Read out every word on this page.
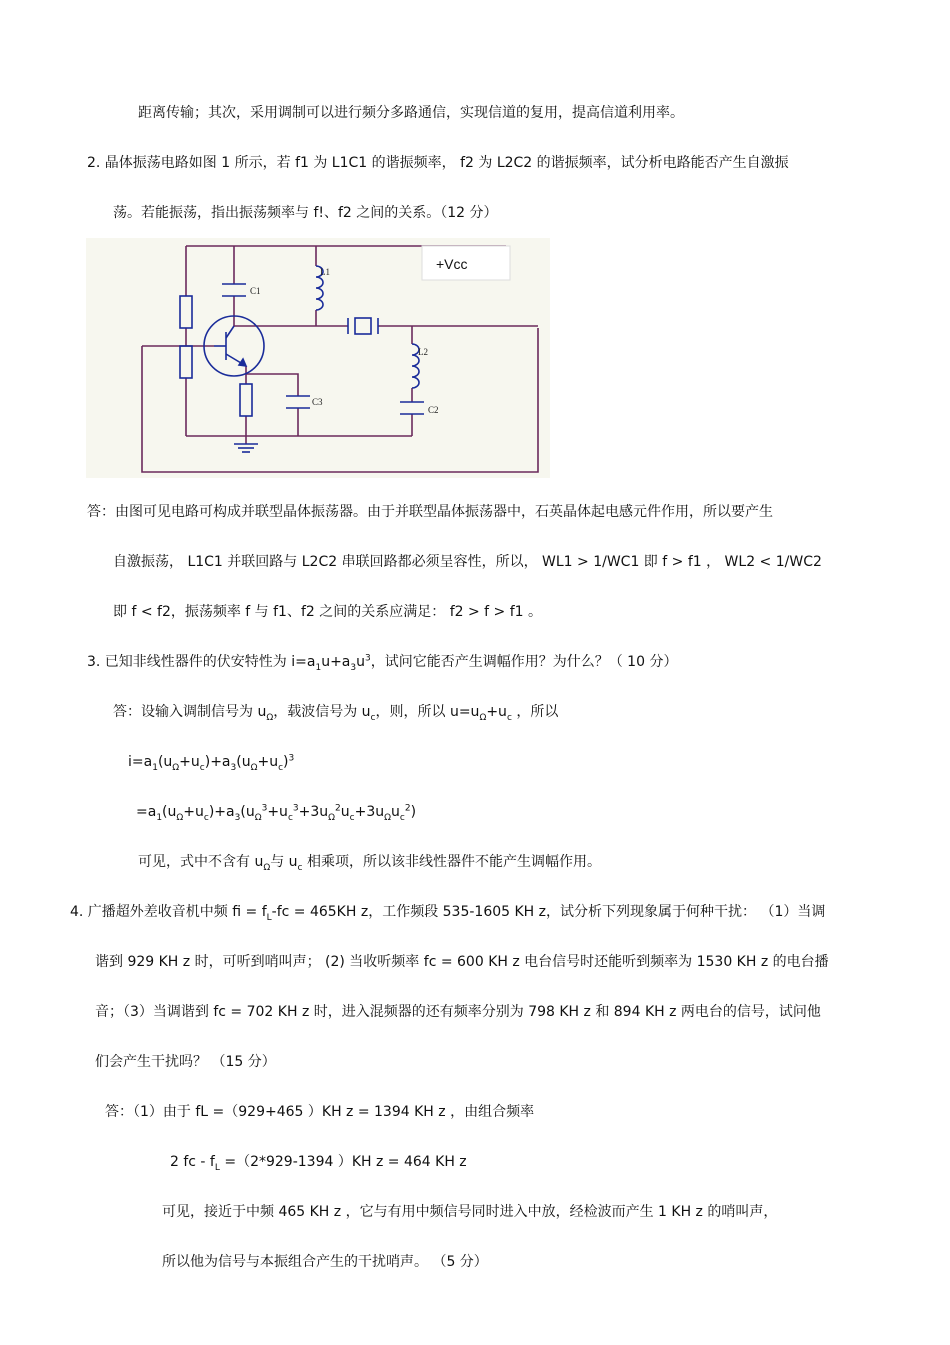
距离传输；其次，采用调制可以进行频分多路通信，实现信道的复用，提高信道利用率。
2. 晶体振荡电路如图 1 所示，若 f1 为 L1C1 的谐振频率， f2 为 L2C2 的谐振频率，试分析电路能否产生自激振
荡。若能振荡，指出振荡频率与 f!、f2 之间的关系。（12 分）
+Vcc
L1
C1
L2
C2
C3
答：由图可见电路可构成并联型晶体振荡器。由于并联型晶体振荡器中，石英晶体起电感元件作用，所以要产生
自激振荡， L1C1 并联回路与 L2C2 串联回路都必须呈容性，所以， WL1 > 1/WC1 即 f > f1 ， WL2 < 1/WC2
即 f < f2，振荡频率 f 与 f1、f2 之间的关系应满足： f2 > f > f1 。
3. 已知非线性器件的伏安特性为 $i=a_1u+a_3u^3$，试问它能否产生调幅作用？为什么？（ 10 分）
答：设输入调制信号为 $u_\Omega$，载波信号为 $u_c$，则，所以 $u=u_\Omega+u_c$ ，所以
$i=a_1(u_\Omega+u_c)+a_3(u_\Omega+u_c)^3$
$=a_1(u_\Omega+u_c)+a_3(u_\Omega^3+u_c^3+3u_\Omega^2u_c+3u_\Omega u_c^2)$
可见，式中不含有 $u_\Omega$与 $u_c$ 相乘项，所以该非线性器件不能产生调幅作用。
4. 广播超外差收音机中频 fi = $f_L-fc = 465KH$ z，工作频段 535-1605 KH z，试分析下列现象属于何种干扰： （1）当调
谐到 929 KH z 时，可听到哨叫声； (2) 当收听频率 fc = 600 KH z 电台信号时还能听到频率为 1530 KH z 的电台播
音；（3）当调谐到 fc = 702 KH z 时，进入混频器的还有频率分别为 798 KH z 和 894 KH z 两电台的信号，试问他
们会产生干扰吗？ （15 分）
答：（1）由于 fL =（929+465 ）KH z = 1394 KH z ，由组合频率
2 fc - $f_L =(2*929-1394$ ）KH z = 464 KH z
可见，接近于中频 465 KH z ，它与有用中频信号同时进入中放，经检波而产生 1 KH z 的哨叫声，
所以他为信号与本振组合产生的干扰哨声。 （5 分）
